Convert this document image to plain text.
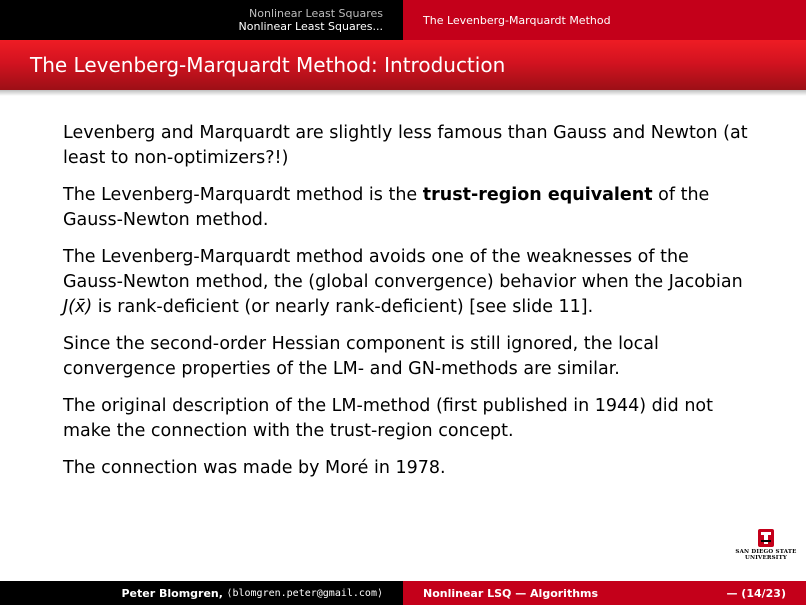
Nonlinear Least Squares
Nonlinear Least Squares...	The Levenberg-Marquardt Method
The Levenberg-Marquardt Method: Introduction

Levenberg and Marquardt are slightly less famous than Gauss and Newton (at least to non-optimizers?!)

The Levenberg-Marquardt method is the trust-region equivalent of the Gauss-Newton method.

The Levenberg-Marquardt method avoids one of the weaknesses of the Gauss-Newton method, the (global convergence) behavior when the Jacobian J(x̄) is rank-deficient (or nearly rank-deficient) [see slide 11].

Since the second-order Hessian component is still ignored, the local convergence properties of the LM- and GN-methods are similar.

The original description of the LM-method (first published in 1944) did not make the connection with the trust-region concept.

The connection was made by Moré in 1978.

SAN DIEGO STATE
UNIVERSITY
Peter Blomgren,
⟨blomgren.peter@gmail.com⟩	Nonlinear LSQ — Algorithms	— (14/23)
